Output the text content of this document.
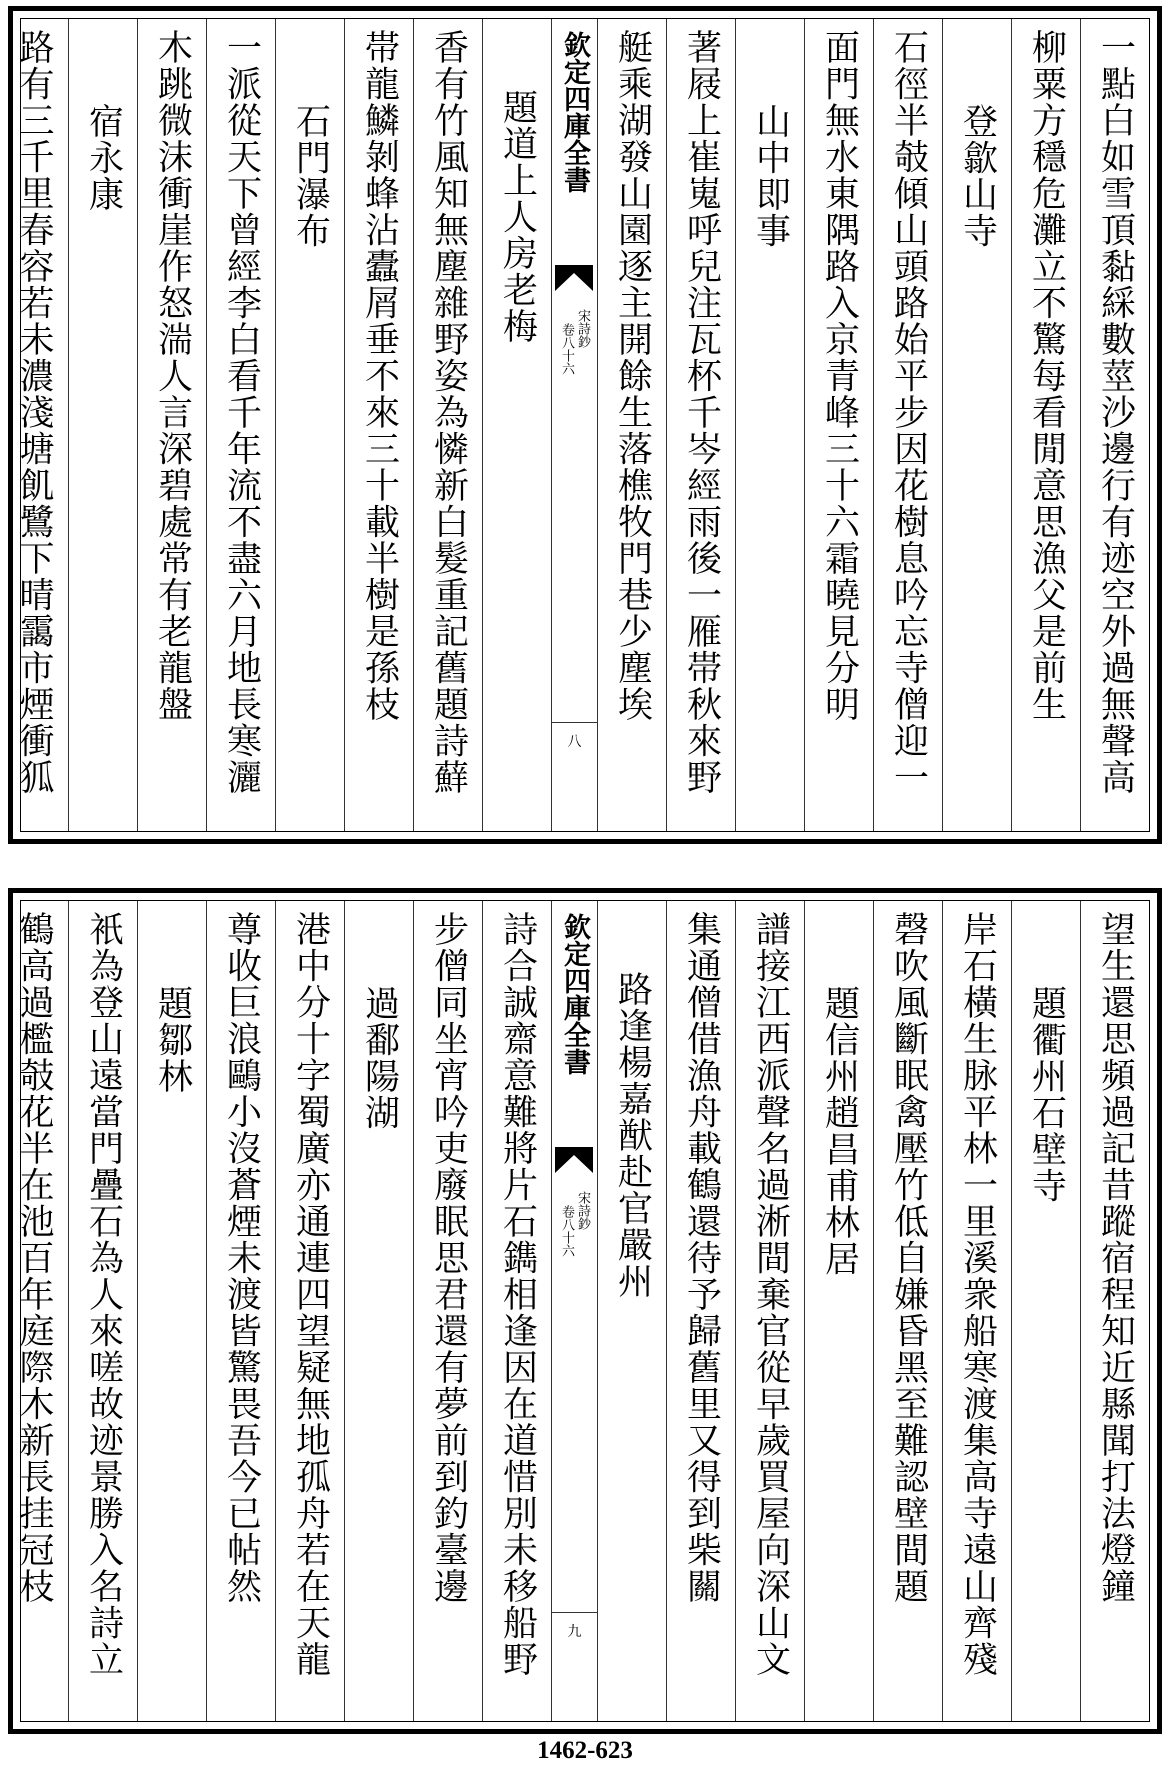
一點白如雪頂黏綵數莖沙邊行有迹空外過無聲高
柳粟方穩危灘立不驚每看閒意思漁父是前生
登歙山寺
石徑半攲傾山頭路始平步因花樹息吟忘寺僧迎一
面門無水東隅路入京青峰三十六霜曉見分明
山中即事
著屐上崔嵬呼兒注瓦杯千岑經雨後一雁帯秋來野
艇乘湖發山園逐主開餘生落樵牧門巷少塵埃
欽定四庫全書
宋詩鈔
卷八十六
八
題道上人房老梅
香有竹風知無塵雜野姿為憐新白髮重記舊題詩蘚
帯龍鱗剝蜂沾蠹屑垂不來三十載半樹是孫枝
石門瀑布
一派從天下曾經李白看千年流不盡六月地長寒灑
木跳微沫衝崖作怒湍人言深碧處常有老龍盤
宿永康
路有三千里春容若未濃淺塘飢鷺下晴靄市煙衝狐
望生還思頻過記昔蹤宿程知近縣聞打法燈鐘
題衢州石壁寺
岸石橫生脉平林一里溪衆船寒渡集高寺遠山齊殘
磬吹風斷眠禽壓竹低自嫌昏黑至難認壁間題
題信州趙昌甫林居
譜接江西派聲名過淅間棄官從早歲買屋向深山文
集通僧借漁舟載鶴還待予歸舊里又得到柴關
路逢楊嘉猷赴官嚴州
欽定四庫全書
宋詩鈔
卷八十六
九
詩合誠齋意難將片石鐫相逢因在道惜別未移船野
步僧同坐宵吟吏廢眠思君還有夢前到釣臺邊
過鄱陽湖
港中分十字蜀廣亦通連四望疑無地孤舟若在天龍
尊收巨浪鷗小沒蒼煙未渡皆驚畏吾今已帖然
題鄒林
衹為登山遠當門疊石為人來嗟故迹景勝入名詩立
鶴高過檻攲花半在池百年庭際木新長挂冠枝
1462-623
